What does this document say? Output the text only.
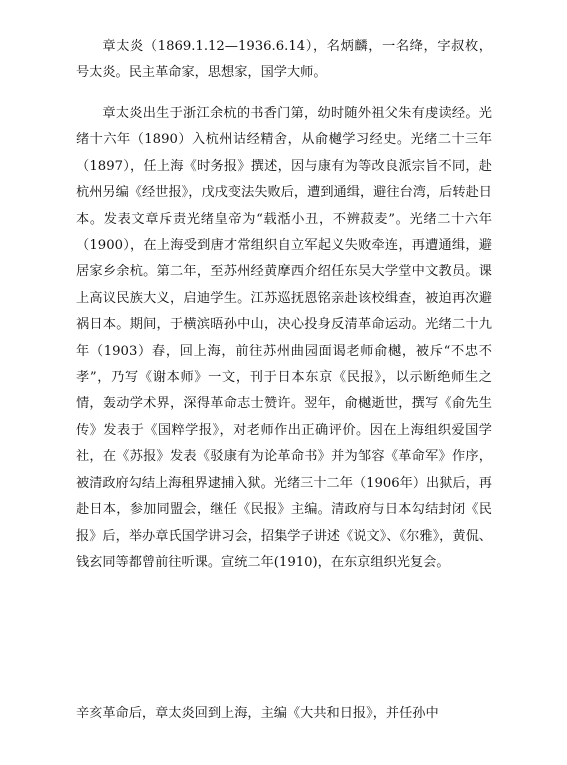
章太炎（1869.1.12—1936.6.14），名炳麟，一名绛，字叔枚，号太炎。民主革命家，思想家，国学大师。

章太炎出生于浙江余杭的书香门第，幼时随外祖父朱有虔读经。光绪十六年（1890）入杭州诂经精舍，从俞樾学习经史。光绪二十三年（1897），任上海《时务报》撰述，因与康有为等改良派宗旨不同，赴杭州另编《经世报》，戊戌变法失败后，遭到通缉，避往台湾，后转赴日本。发表文章斥责光绪皇帝为“载湉小丑，不辨菽麦”。光绪二十六年（1900），在上海受到唐才常组织自立军起义失败牵连，再遭通缉，避居家乡余杭。第二年，至苏州经黄摩西介绍任东吴大学堂中文教员。课上高议民族大义，启迪学生。江苏巡抚恩铭亲赴该校缉查，被迫再次避祸日本。期间，于横滨晤孙中山，决心投身反清革命运动。光绪二十九年（1903）春，回上海，前往苏州曲园面谒老师俞樾，被斥“不忠不孝”，乃写《谢本师》一文，刊于日本东京《民报》，以示断绝师生之情，轰动学术界，深得革命志士赞许。翌年，俞樾逝世，撰写《俞先生传》发表于《国粹学报》，对老师作出正确评价。因在上海组织爱国学社，在《苏报》发表《驳康有为论革命书》并为邹容《革命军》作序，被清政府勾结上海租界逮捕入狱。光绪三十二年（1906年）出狱后，再赴日本，参加同盟会，继任《民报》主编。清政府与日本勾结封闭《民报》后，举办章氏国学讲习会，招集学子讲述《说文》、《尔雅》，黄侃、钱玄同等都曾前往听课。宣统二年(1910)，在东京组织光复会。

辛亥革命后，章太炎回到上海，主编《大共和日报》，并任孙中
